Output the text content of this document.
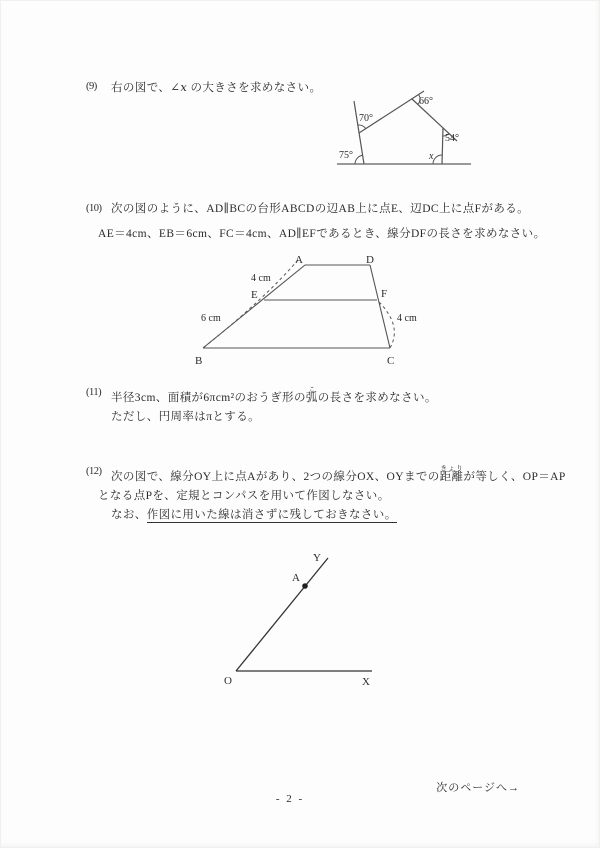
(9) 右の図で、∠x の大きさを求めなさい。
70°
66°
75°
54°
x
(10) 次の図のように、AD∥BCの台形ABCDの辺AB上に点E、辺DC上に点Fがある。
AE＝4cm、EB＝6cm、FC＝4cm、AD∥EFであるとき、線分DFの長さを求めなさい。
A	D
E	F
B	C
4 cm
6 cm	4 cm
(11) 半径3cm、面積が6πcm²のおうぎ形の弧この長さを求めなさい。
ただし、円周率はπとする。
(12) 次の図で、線分OY上に点Aがあり、2つの線分OX、OYまでの距離きょりが等しく、OP＝AP
となる点Pを、定規とコンパスを用いて作図しなさい。
なお、作図に用いた線は消さずに残しておきなさい。
O	X
Y
A
次のページへ→
- 2 -
